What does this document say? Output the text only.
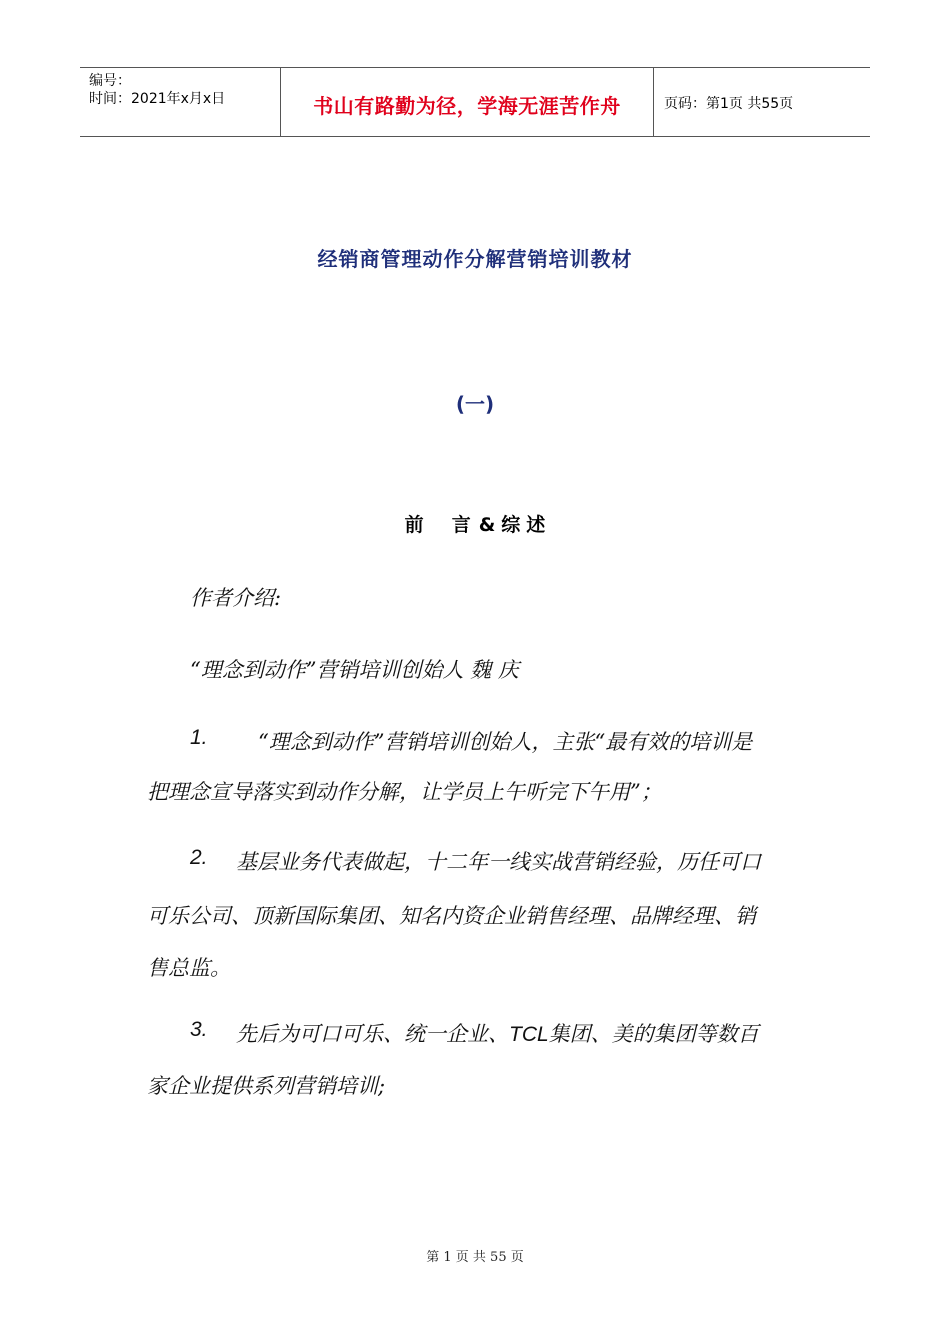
编号：
时间：2021年x月x日	书山有路勤为径，学海无涯苦作舟	页码：第1页 共55页
经销商管理动作分解营销培训教材
(一)
前 言 & 综 述
作者介绍:
“理念到动作”营销培训创始人 魏 庆
1. “理念到动作”营销培训创始人，主张“最有效的培训是
把理念宣导落实到动作分解，让学员上午听完下午用”；
2. 基层业务代表做起，十二年一线实战营销经验，历任可口
可乐公司、顶新国际集团、知名内资企业销售经理、品牌经理、销
售总监。
3. 先后为可口可乐、统一企业、TCL集团、美的集团等数百
家企业提供系列营销培训;
第 1 页 共 55 页
